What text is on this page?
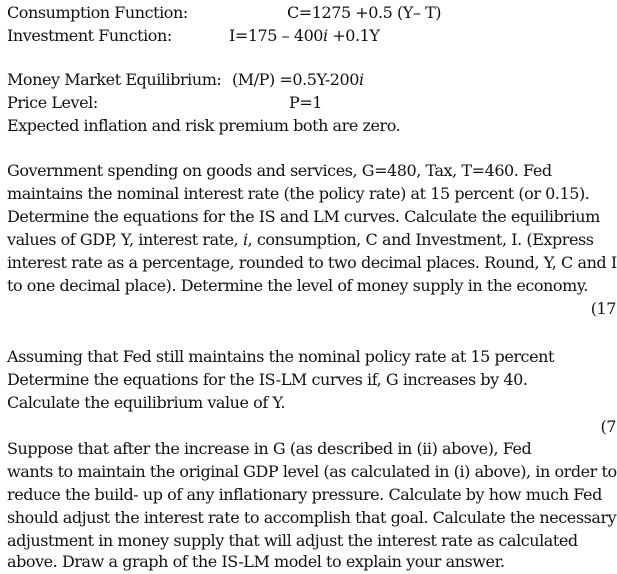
Consumption Function:	C=1275 +0.5 (Y– T)
Investment Function:	I=175 – 400i +0.1Y
Money Market Equilibrium: (M/P) =0.5Y-200i
Price Level:	P=1
Expected inflation and risk premium both are zero.
Government spending on goods and services, G=480, Tax, T=460. Fed
maintains the nominal interest rate (the policy rate) at 15 percent (or 0.15).
Determine the equations for the IS and LM curves. Calculate the equilibrium
values of GDP, Y, interest rate, i, consumption, C and Investment, I. (Express
interest rate as a percentage, rounded to two decimal places. Round, Y, C and I
to one decimal place). Determine the level of money supply in the economy.
(17
Assuming that Fed still maintains the nominal policy rate at 15 percent
Determine the equations for the IS-LM curves if, G increases by 40.
Calculate the equilibrium value of Y.
(7
Suppose that after the increase in G (as described in (ii) above), Fed
wants to maintain the original GDP level (as calculated in (i) above), in order to
reduce the build- up of any inflationary pressure. Calculate by how much Fed
should adjust the interest rate to accomplish that goal. Calculate the necessary
adjustment in money supply that will adjust the interest rate as calculated
above. Draw a graph of the IS-LM model to explain your answer.
